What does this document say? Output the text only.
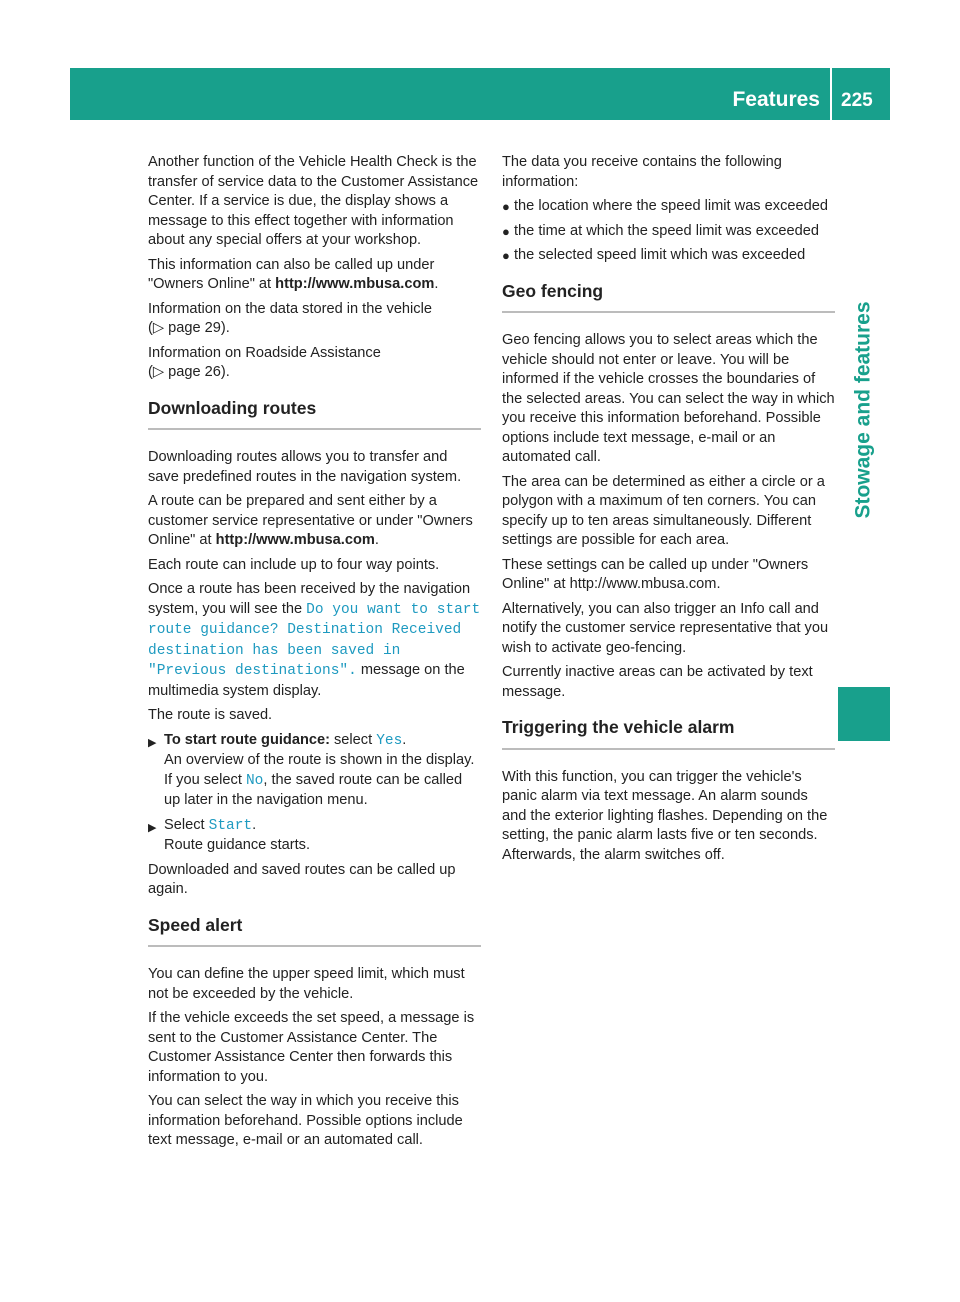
Features 225
Stowage and features

Another function of the Vehicle Health Check is the transfer of service data to the Customer Assistance Center. If a service is due, the display shows a message to this effect together with information about any special offers at your workshop.

This information can also be called up under "Owners Online" at http://www.mbusa.com.

Information on the data stored in the vehicle
(▷ page 29).

Information on Roadside Assistance
(▷ page 26).

Downloading routes

Downloading routes allows you to transfer and save predefined routes in the navigation system.

A route can be prepared and sent either by a customer service representative or under "Owners Online" at http://www.mbusa.com.

Each route can include up to four way points.

Once a route has been received by the navigation system, you will see the Do you want to start route guidance? Destination Received destination has been saved in "Previous destinations". message on the multimedia system display.

The route is saved.

▶ To start route guidance: select Yes.

An overview of the route is shown in the display.

If you select No, the saved route can be called up later in the navigation menu.

▶ Select Start.

Route guidance starts.

Downloaded and saved routes can be called up again.

Speed alert

You can define the upper speed limit, which must not be exceeded by the vehicle.

If the vehicle exceeds the set speed, a message is sent to the Customer Assistance Center. The Customer Assistance Center then forwards this information to you.

You can select the way in which you receive this information beforehand. Possible options include text message, e-mail or an automated call.

The data you receive contains the following information:

● the location where the speed limit was exceeded
● the time at which the speed limit was exceeded
● the selected speed limit which was exceeded
Geo fencing

Geo fencing allows you to select areas which the vehicle should not enter or leave. You will be informed if the vehicle crosses the boundaries of the selected areas. You can select the way in which you receive this information beforehand. Possible options include text message, e-mail or an automated call.

The area can be determined as either a circle or a polygon with a maximum of ten corners. You can specify up to ten areas simultaneously. Different settings are possible for each area.

These settings can be called up under "Owners Online" at http://www.mbusa.com.

Alternatively, you can also trigger an Info call and notify the customer service representative that you wish to activate geo-fencing.

Currently inactive areas can be activated by text message.

Triggering the vehicle alarm

With this function, you can trigger the vehicle's panic alarm via text message. An alarm sounds and the exterior lighting flashes. Depending on the setting, the panic alarm lasts five or ten seconds. Afterwards, the alarm switches off.
